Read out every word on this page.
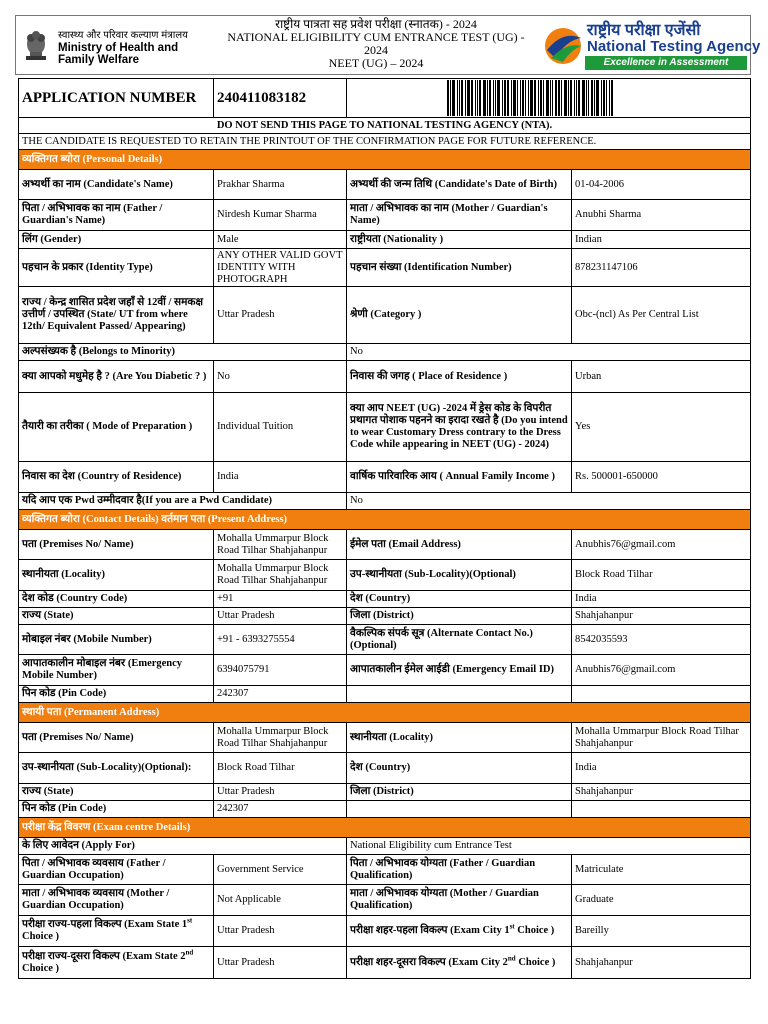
स्वास्थ्य और परिवार कल्याण मंत्रालय
Ministry of Health and
Family Welfare
राष्ट्रीय पात्रता सह प्रवेश परीक्षा (स्नातक) - 2024
NATIONAL ELIGIBILITY CUM ENTRANCE TEST (UG) - 2024
NEET (UG) – 2024
राष्ट्रीय परीक्षा एजेंसी
National Testing Agency
Excellence in Assessment
APPLICATION NUMBER	240411083182		

DO NOT SEND THIS PAGE TO NATIONAL TESTING AGENCY (NTA).			
THE CANDIDATE IS REQUESTED TO RETAIN THE PRINTOUT OF THE CONFIRMATION PAGE FOR FUTURE REFERENCE.			
व्यक्तिगत ब्योरा (Personal Details)			
अभ्यर्थी का नाम (Candidate's Name)	Prakhar Sharma	अभ्यर्थी की जन्म तिथि (Candidate's Date of Birth)	01-04-2006
पिता / अभिभावक का नाम (Father / Guardian's Name)	Nirdesh Kumar Sharma	माता / अभिभावक का नाम (Mother / Guardian's Name)	Anubhi Sharma
लिंग (Gender)	Male	राष्ट्रीयता (Nationality )	Indian
पहचान के प्रकार (Identity Type)	ANY OTHER VALID GOVT IDENTITY WITH PHOTOGRAPH	पहचान संख्या (Identification Number)	878231147106
राज्य / केन्द्र शासित प्रदेश जहाँ से 12वीं / समकक्ष उत्तीर्ण / उपस्थित (State/ UT from where 12th/ Equivalent Passed/ Appearing)	Uttar Pradesh	श्रेणी (Category )	Obc-(ncl) As Per Central List
अल्पसंख्यक है (Belongs to Minority)		No	
क्या आपको मधुमेह है ? (Are You Diabetic ? )	No	निवास की जगह ( Place of Residence )	Urban
तैयारी का तरीका ( Mode of Preparation )	Individual Tuition	क्या आप NEET (UG) -2024 में ड्रेस कोड के विपरीत प्रथागत पोशाक पहनने का इरादा रखते है (Do you intend to wear Customary Dress contrary to the Dress Code while appearing in NEET (UG) - 2024)	Yes
निवास का देश (Country of Residence)	India	वार्षिक पारिवारिक आय ( Annual Family Income )	Rs. 500001-650000
यदि आप एक Pwd उम्मीदवार है(If you are a Pwd Candidate)		No	
व्यक्तिगत ब्योरा (Contact Details) वर्तमान पता (Present Address)			
पता (Premises No/ Name)	Mohalla Ummarpur Block Road Tilhar Shahjahanpur	ईमेल पता (Email Address)	Anubhis76@gmail.com
स्थानीयता (Locality)	Mohalla Ummarpur Block Road Tilhar Shahjahanpur	उप-स्थानीयता (Sub-Locality)(Optional)	Block Road Tilhar
देश कोड (Country Code)	+91	देश (Country)	India
राज्य (State)	Uttar Pradesh	जिला (District)	Shahjahanpur
मोबाइल नंबर (Mobile Number)	+91 - 6393275554	वैकल्पिक संपर्क सूत्र (Alternate Contact No.) (Optional)	8542035593
आपातकालीन मोबाइल नंबर (Emergency Mobile Number)	6394075791	आपातकालीन ईमेल आईडी (Emergency Email ID)	Anubhis76@gmail.com
पिन कोड (Pin Code)	242307		
स्थायी पता (Permanent Address)			
पता (Premises No/ Name)	Mohalla Ummarpur Block Road Tilhar Shahjahanpur	स्थानीयता (Locality)	Mohalla Ummarpur Block Road Tilhar Shahjahanpur
उप-स्थानीयता (Sub-Locality)(Optional):	Block Road Tilhar	देश (Country)	India
राज्य (State)	Uttar Pradesh	जिला (District)	Shahjahanpur
पिन कोड (Pin Code)	242307		
परीक्षा केंद्र विवरण (Exam centre Details)			
के लिए आवेदन (Apply For)		National Eligibility cum Entrance Test	
पिता / अभिभावक व्यवसाय (Father / Guardian Occupation)	Government Service	पिता / अभिभावक योग्यता (Father / Guardian Qualification)	Matriculate
माता / अभिभावक व्यवसाय (Mother / Guardian Occupation)	Not Applicable	माता / अभिभावक योग्यता (Mother / Guardian Qualification)	Graduate
परीक्षा राज्य-पहला विकल्प (Exam State 1st Choice )	Uttar Pradesh	परीक्षा शहर-पहला विकल्प (Exam City 1st Choice )	Bareilly
परीक्षा राज्य-दूसरा विकल्प (Exam State 2nd Choice )	Uttar Pradesh	परीक्षा शहर-दूसरा विकल्प (Exam City 2nd Choice )	Shahjahanpur
